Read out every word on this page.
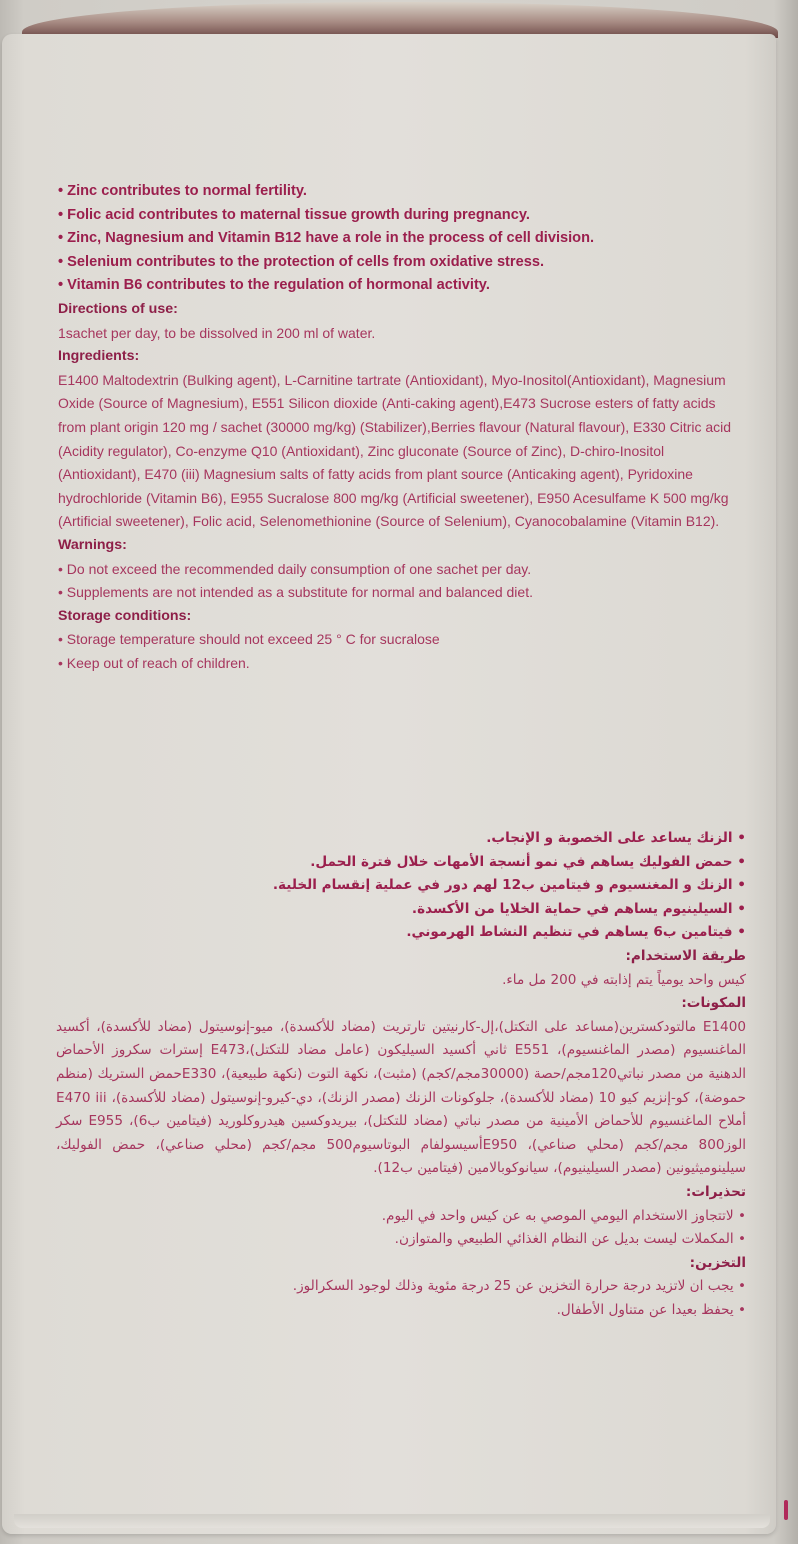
• Zinc contributes to normal fertility.
• Folic acid contributes to maternal tissue growth during pregnancy.
• Zinc, Nagnesium and Vitamin B12 have a role in the process of cell division.
• Selenium contributes to the protection of cells from oxidative stress.
• Vitamin B6 contributes to the regulation of hormonal activity.
Directions of use:
1sachet per day, to be dissolved in 200 ml of water.
Ingredients:
E1400 Maltodextrin (Bulking agent), L-Carnitine tartrate (Antioxidant), Myo-Inositol(Antioxidant), Magnesium Oxide (Source of Magnesium), E551 Silicon dioxide (Anti-caking agent),E473 Sucrose esters of fatty acids from plant origin 120 mg / sachet (30000 mg/kg) (Stabilizer),Berries flavour (Natural flavour), E330 Citric acid (Acidity regulator), Co-enzyme Q10 (Antioxidant), Zinc gluconate (Source of Zinc), D-chiro-Inositol (Antioxidant), E470 (iii) Magnesium salts of fatty acids from plant source (Anticaking agent), Pyridoxine hydrochloride (Vitamin B6), E955 Sucralose 800 mg/kg (Artificial sweetener), E950 Acesulfame K 500 mg/kg (Artificial sweetener), Folic acid, Selenomethionine (Source of Selenium), Cyanocobalamine (Vitamin B12).
Warnings:
• Do not exceed the recommended daily consumption of one sachet per day.
• Supplements are not intended as a substitute for normal and balanced diet.
Storage conditions:
• Storage temperature should not exceed 25 ° C for sucralose
• Keep out of reach of children.
• الزنك يساعد على الخصوبة و الإنجاب.
• حمض الفوليك يساهم في نمو أنسجة الأمهات خلال فترة الحمل.
• الزنك و المغنسيوم و فيتامين ب12 لهم دور في عملية إنقسام الخلية.
• السيلينيوم يساهم في حماية الخلايا من الأكسدة.
• فيتامين ب6 يساهم في تنظيم النشاط الهرموني.
طريقة الاستخدام:
كيس واحد يومياً يتم إذابته في 200 مل ماء.
المكونات:
E1400 مالتودكسترين(مساعد على التكتل)،إل-كارنيتين تارتريت (مضاد للأكسدة)، ميو-إنوسيتول (مضاد للأكسدة)، أكسيد الماغنسيوم (مصدر الماغنسيوم)، E551 ثاني أكسيد السيليكون (عامل مضاد للتكتل)،E473 إسترات سكروز الأحماض الدهنية من مصدر نباتي120مجم/حصة (30000مجم/كجم) (مثبت)، نكهة التوت (نكهة طبيعية)، E330حمض الستريك (منظم حموضة)، كو-إنزيم كيو 10 (مضاد للأكسدة)، جلوكونات الزنك (مصدر الزنك)، دي-كيرو-إنوسيتول (مضاد للأكسدة)، E470 iii أملاح الماغنسيوم للأحماض الأمينية من مصدر نباتي (مضاد للتكتل)، بيريدوكسين هيدروكلوريد (فيتامين ب6)، E955 سكر الوز800 مجم/كجم (محلي صناعي)، E950أسيسولفام البوتاسيوم500 مجم/كجم (محلي صناعي)، حمض الفوليك، سيلينوميثيونين (مصدر السيلينيوم)، سيانوكوبالامين (فيتامين ب12).
تحذيرات:
• لاتتجاوز الاستخدام اليومي الموصي به عن كيس واحد في اليوم.
• المكملات ليست بديل عن النظام الغذائي الطبيعي والمتوازن.
التخزين:
• يجب ان لاتزيد درجة حرارة التخزين عن 25 درجة مئوية وذلك لوجود السكرالوز.
• يحفظ بعيدا عن متناول الأطفال.
